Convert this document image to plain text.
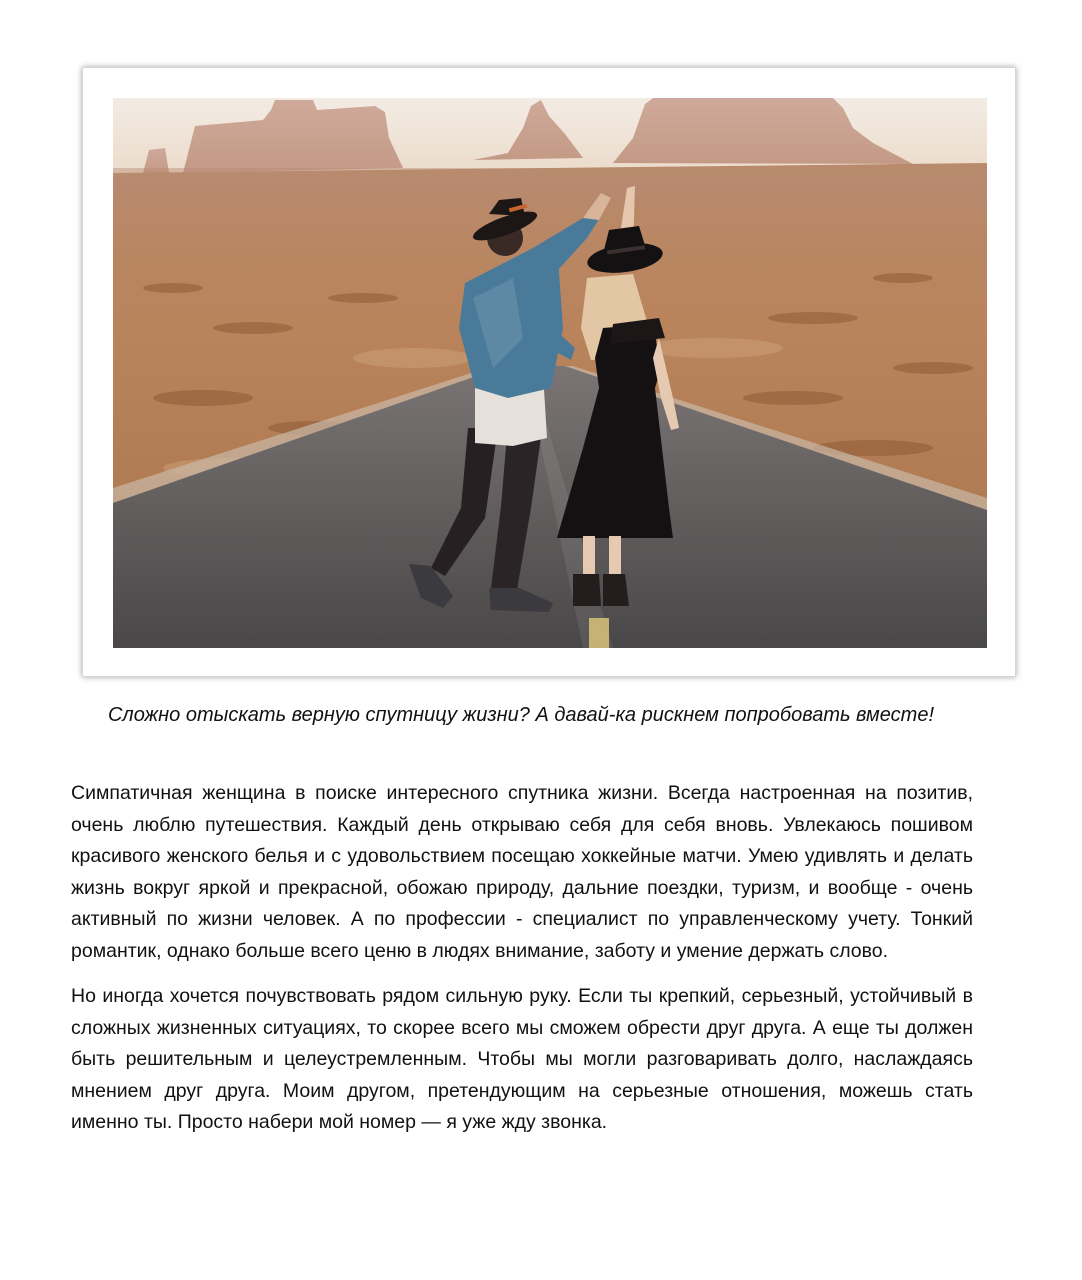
Сложно отыскать верную спутницу жизни? А давай-ка рискнем попробовать вместе!

Симпатичная женщина в поиске интересного спутника жизни. Всегда настроенная на позитив, очень люблю путешествия. Каждый день открываю себя для себя вновь. Увлекаюсь пошивом красивого женского белья и с удовольствием посещаю хоккейные матчи. Умею удивлять и делать жизнь вокруг яркой и прекрасной, обожаю природу, дальние поездки, туризм, и вообще - очень активный по жизни человек. А по профессии - специалист по управленческому учету. Тонкий романтик, однако больше всего ценю в людях внимание, заботу и умение держать слово.

Но иногда хочется почувствовать рядом сильную руку. Если ты крепкий, серьезный, устойчивый в сложных жизненных ситуациях, то скорее всего мы сможем обрести друг друга. А еще ты должен быть решительным и целеустремленным. Чтобы мы могли разговаривать долго, наслаждаясь мнением друг друга. Моим другом, претендующим на серьезные отношения, можешь стать именно ты. Просто набери мой номер — я уже жду звонка.
